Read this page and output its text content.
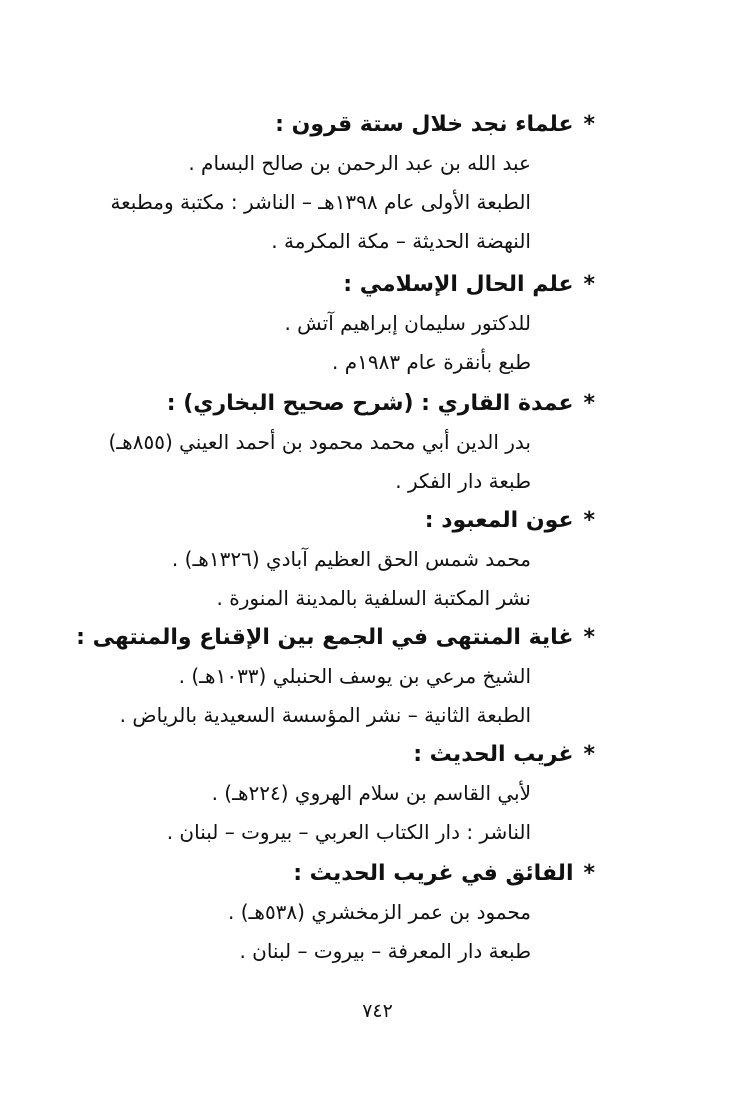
*علماء نجد خلال ستة قرون :
عبد الله بن عبد الرحمن بن صالح البسام .
الطبعة الأولى عام ١٣٩٨هـ – الناشر : مكتبة ومطبعة
النهضة الحديثة – مكة المكرمة .
*علم الحال الإسلامي :
للدكتور سليمان إبراهيم آتش .
طبع بأنقرة عام ١٩٨٣م .
*عمدة القاري : (شرح صحيح البخاري) :
بدر الدين أبي محمد محمود بن أحمد العيني (٨٥٥هـ)
طبعة دار الفكر .
*عون المعبود :
محمد شمس الحق العظيم آبادي (١٣٢٦هـ) .
نشر المكتبة السلفية بالمدينة المنورة .
*غاية المنتهى في الجمع بين الإقناع والمنتهى :
الشيخ مرعي بن يوسف الحنبلي (١٠٣٣هـ) .
الطبعة الثانية – نشر المؤسسة السعيدية بالرياض .
*غريب الحديث :
لأبي القاسم بن سلام الهروي (٢٢٤هـ) .
الناشر : دار الكتاب العربي – بيروت – لبنان .
*الفائق في غريب الحديث :
محمود بن عمر الزمخشري (٥٣٨هـ) .
طبعة دار المعرفة – بيروت – لبنان .
٧٤٢
